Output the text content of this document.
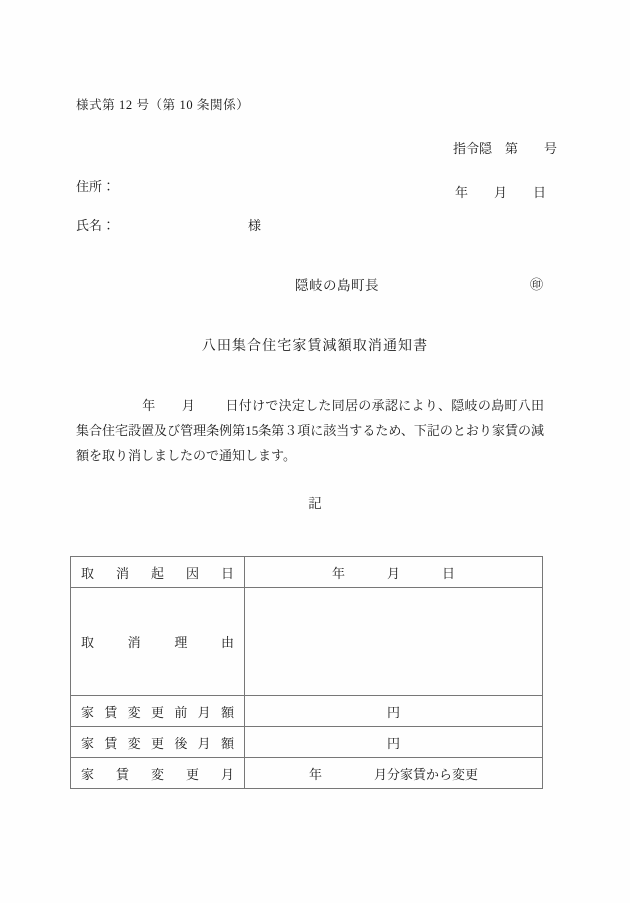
様式第 12 号（第 10 条関係）

指令隠　第　　号

年　　月　　日

住所：
氏名：	様
隠岐の島町長	㊞
八田集合住宅家賃減額取消通知書
年 月 日付けで決定した同居の承認により、隠岐の島町八田集合住宅設置及び管理条例第15条第３項に該当するため、下記のとおり家賃の減額を取り消しましたので通知します。
記
取消起因日	年 月 日
取消理由	
家賃変更前月額	円
家賃変更後月額	円
家賃変更月	年 月分家賃から変更
